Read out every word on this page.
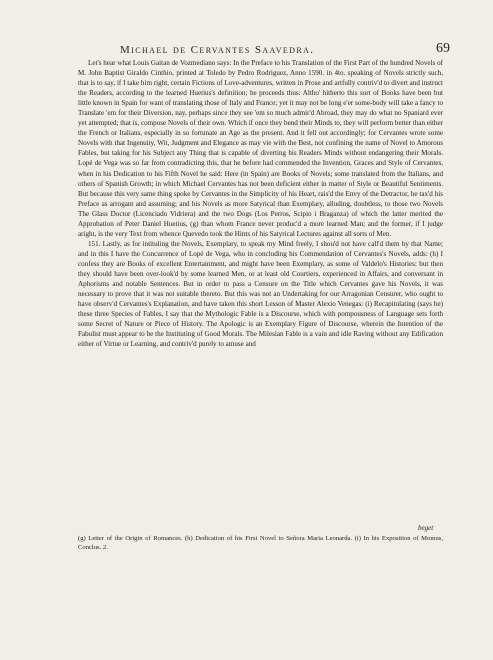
Michael de Cervantes Saavedra.	69

Let's hear what Louis Gaitan de Vozmediano says: In the Preface to his Translation of the First Part of the hundred Novels of M. John Baptist Giraldo Cinthio, printed at Toledo by Pedro Rodriguez, Anno 1590. in 4to. speaking of Novels strictly such, that is to say, if I take him right, certain Fictions of Love-adventures, written in Prose and artfully contriv'd to divert and instruct the Readers, according to the learned Huetius's definition; he proceeds thus: Altho' hitherto this sort of Books have been but little known in Spain for want of translating those of Italy and France; yet it may not be long e'er some-body will take a fancy to Translate 'em for their Diversion, nay, perhaps since they see 'em so much admir'd Abroad, they may do what no Spaniard ever yet attempted; that is, compose Novels of their own. Which if once they bend their Minds to, they will perform better than either the French or Italians, especially in so fortunate an Age as the present. And it fell out accordingly; for Cervantes wrote some Novels with that Ingenuity, Wit, Judgment and Elegance as may vie with the Best, not confining the name of Novel to Amorous Fables, but taking for his Subject any Thing that is capable of diverting his Readers Minds without endangering their Morals. Lopé de Vega was so far from contradicting this, that he before had commended the Invention, Graces and Style of Cervantes, when in his Dedication to his Fifth Novel he said: Here (in Spain) are Books of Novels; some translated from the Italians, and others of Spanish Growth; in which Michael Cervantes has not been deficient either in matter of Style or Beautiful Sentiments. But because this very same thing spoke by Cervantes in the Simplicity of his Heart, rais'd the Envy of the Detractor, he tax'd his Preface as arrogant and assuming; and his Novels as more Satyrical than Exemplary, alluding, doubtless, to those two Novels The Glass Doctor (Licenciado Vidriera) and the two Dogs (Los Perros, Scipio i Braganza) of which the latter merited the Approbation of Peter Daniel Huetius, (g) than whom France never produc'd a more learned Man; and the former, if I judge aright, is the very Text from whence Quevedo took the Hints of his Satyrical Lectures against all sorts of Men.

151. Lastly, as for intituling the Novels, Exemplary, to speak my Mind freely, I shou'd not have call'd them by that Name; and in this I have the Concurrence of Lopé de Vega, who in concluding his Commendation of Cervantes's Novels, adds: (h) I confess they are Books of excellent Entertainment, and might have been Exemplary, as some of Valdelo's Histories: but then they should have been over-look'd by some learned Men, or at least old Courtiers, experienced in Affairs, and conversant in Aphorisms and notable Sentences. But in order to pass a Censure on the Title which Cervantes gave his Novels, it was necessary to prove that it was not suitable thereto. But this was not an Undertaking for our Arragonian Censurer, who ought to have observ'd Cervantes's Explanation, and have taken this short Lesson of Master Alexio Venegas: (i) Recapitulating (says he) these three Species of Fables, I say that the Mythologic Fable is a Discourse, which with pompousness of Language sets forth some Secret of Nature or Piece of History. The Apologic is an Exemplary Figure of Discourse, wherein the Intention of the Fabulist must appear to be the Instituting of Good Morals. The Milesian Fable is a vain and idle Raving without any Edification either of Virtue or Learning, and contriv'd purely to amuse and

beget
(g) Letter of the Origin of Romances. (h) Dedication of his First Novel to Señora Maria Leonarda. (i) In his Exposition of Momus, Conclus. 2.
